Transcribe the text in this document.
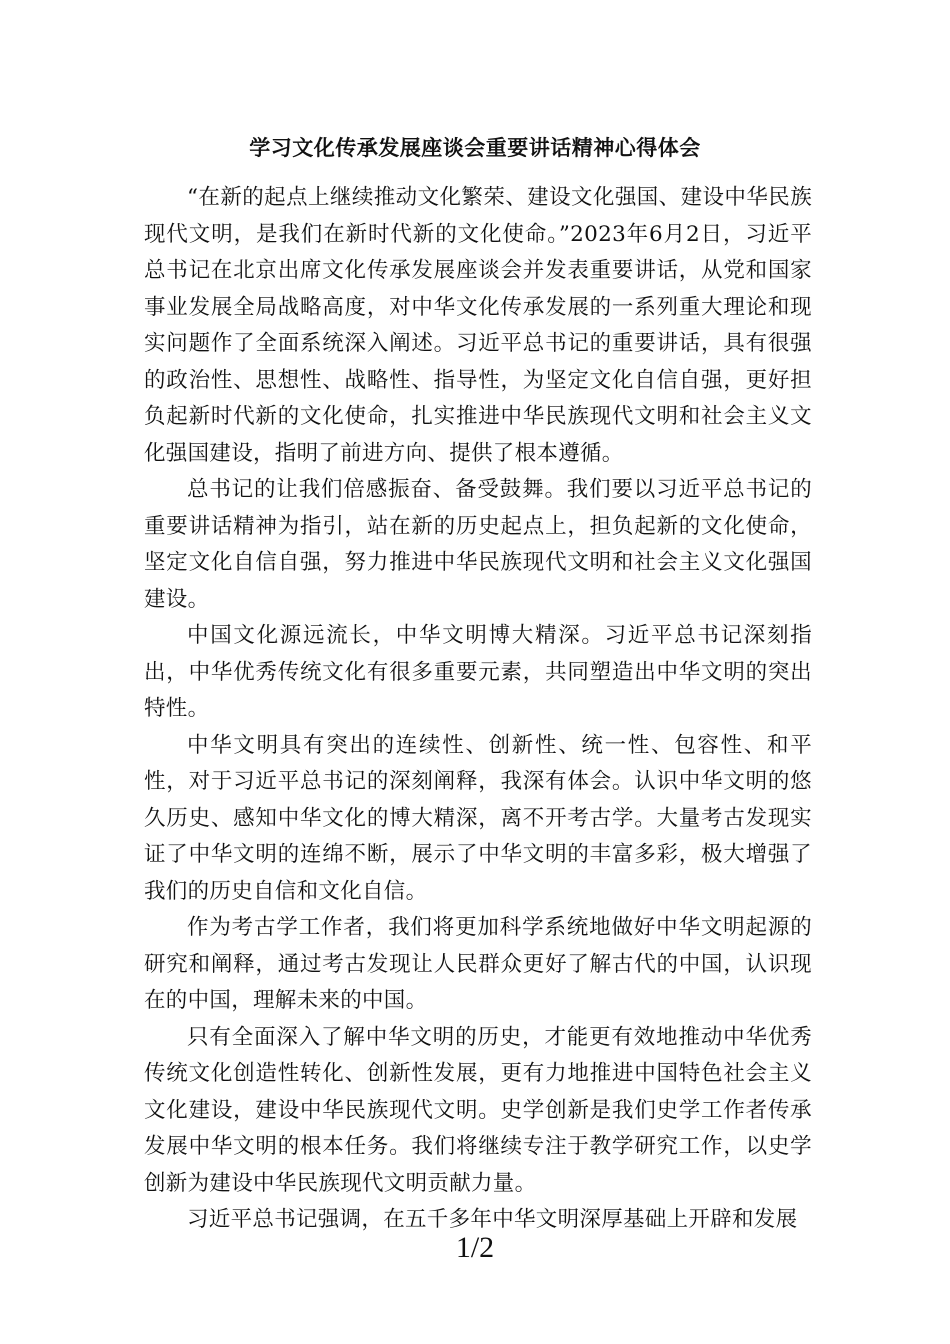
学习文化传承发展座谈会重要讲话精神心得体会

“在新的起点上继续推动文化繁荣、建设文化强国、建设中华民族现代文明，是我们在新时代新的文化使命。”2023年6月2日，习近平总书记在北京出席文化传承发展座谈会并发表重要讲话，从党和国家事业发展全局战略高度，对中华文化传承发展的一系列重大理论和现实问题作了全面系统深入阐述。习近平总书记的重要讲话，具有很强的政治性、思想性、战略性、指导性，为坚定文化自信自强，更好担负起新时代新的文化使命，扎实推进中华民族现代文明和社会主义文化强国建设，指明了前进方向、提供了根本遵循。

总书记的让我们倍感振奋、备受鼓舞。我们要以习近平总书记的重要讲话精神为指引，站在新的历史起点上，担负起新的文化使命，坚定文化自信自强，努力推进中华民族现代文明和社会主义文化强国建设。

中国文化源远流长，中华文明博大精深。习近平总书记深刻指出，中华优秀传统文化有很多重要元素，共同塑造出中华文明的突出特性。

中华文明具有突出的连续性、创新性、统一性、包容性、和平性，对于习近平总书记的深刻阐释，我深有体会。认识中华文明的悠久历史、感知中华文化的博大精深，离不开考古学。大量考古发现实证了中华文明的连绵不断，展示了中华文明的丰富多彩，极大增强了我们的历史自信和文化自信。

作为考古学工作者，我们将更加科学系统地做好中华文明起源的研究和阐释，通过考古发现让人民群众更好了解古代的中国，认识现在的中国，理解未来的中国。

只有全面深入了解中华文明的历史，才能更有效地推动中华优秀传统文化创造性转化、创新性发展，更有力地推进中国特色社会主义文化建设，建设中华民族现代文明。史学创新是我们史学工作者传承发展中华文明的根本任务。我们将继续专注于教学研究工作，以史学创新为建设中华民族现代文明贡献力量。

习近平总书记强调，在五千多年中华文明深厚基础上开辟和发展

1/2
